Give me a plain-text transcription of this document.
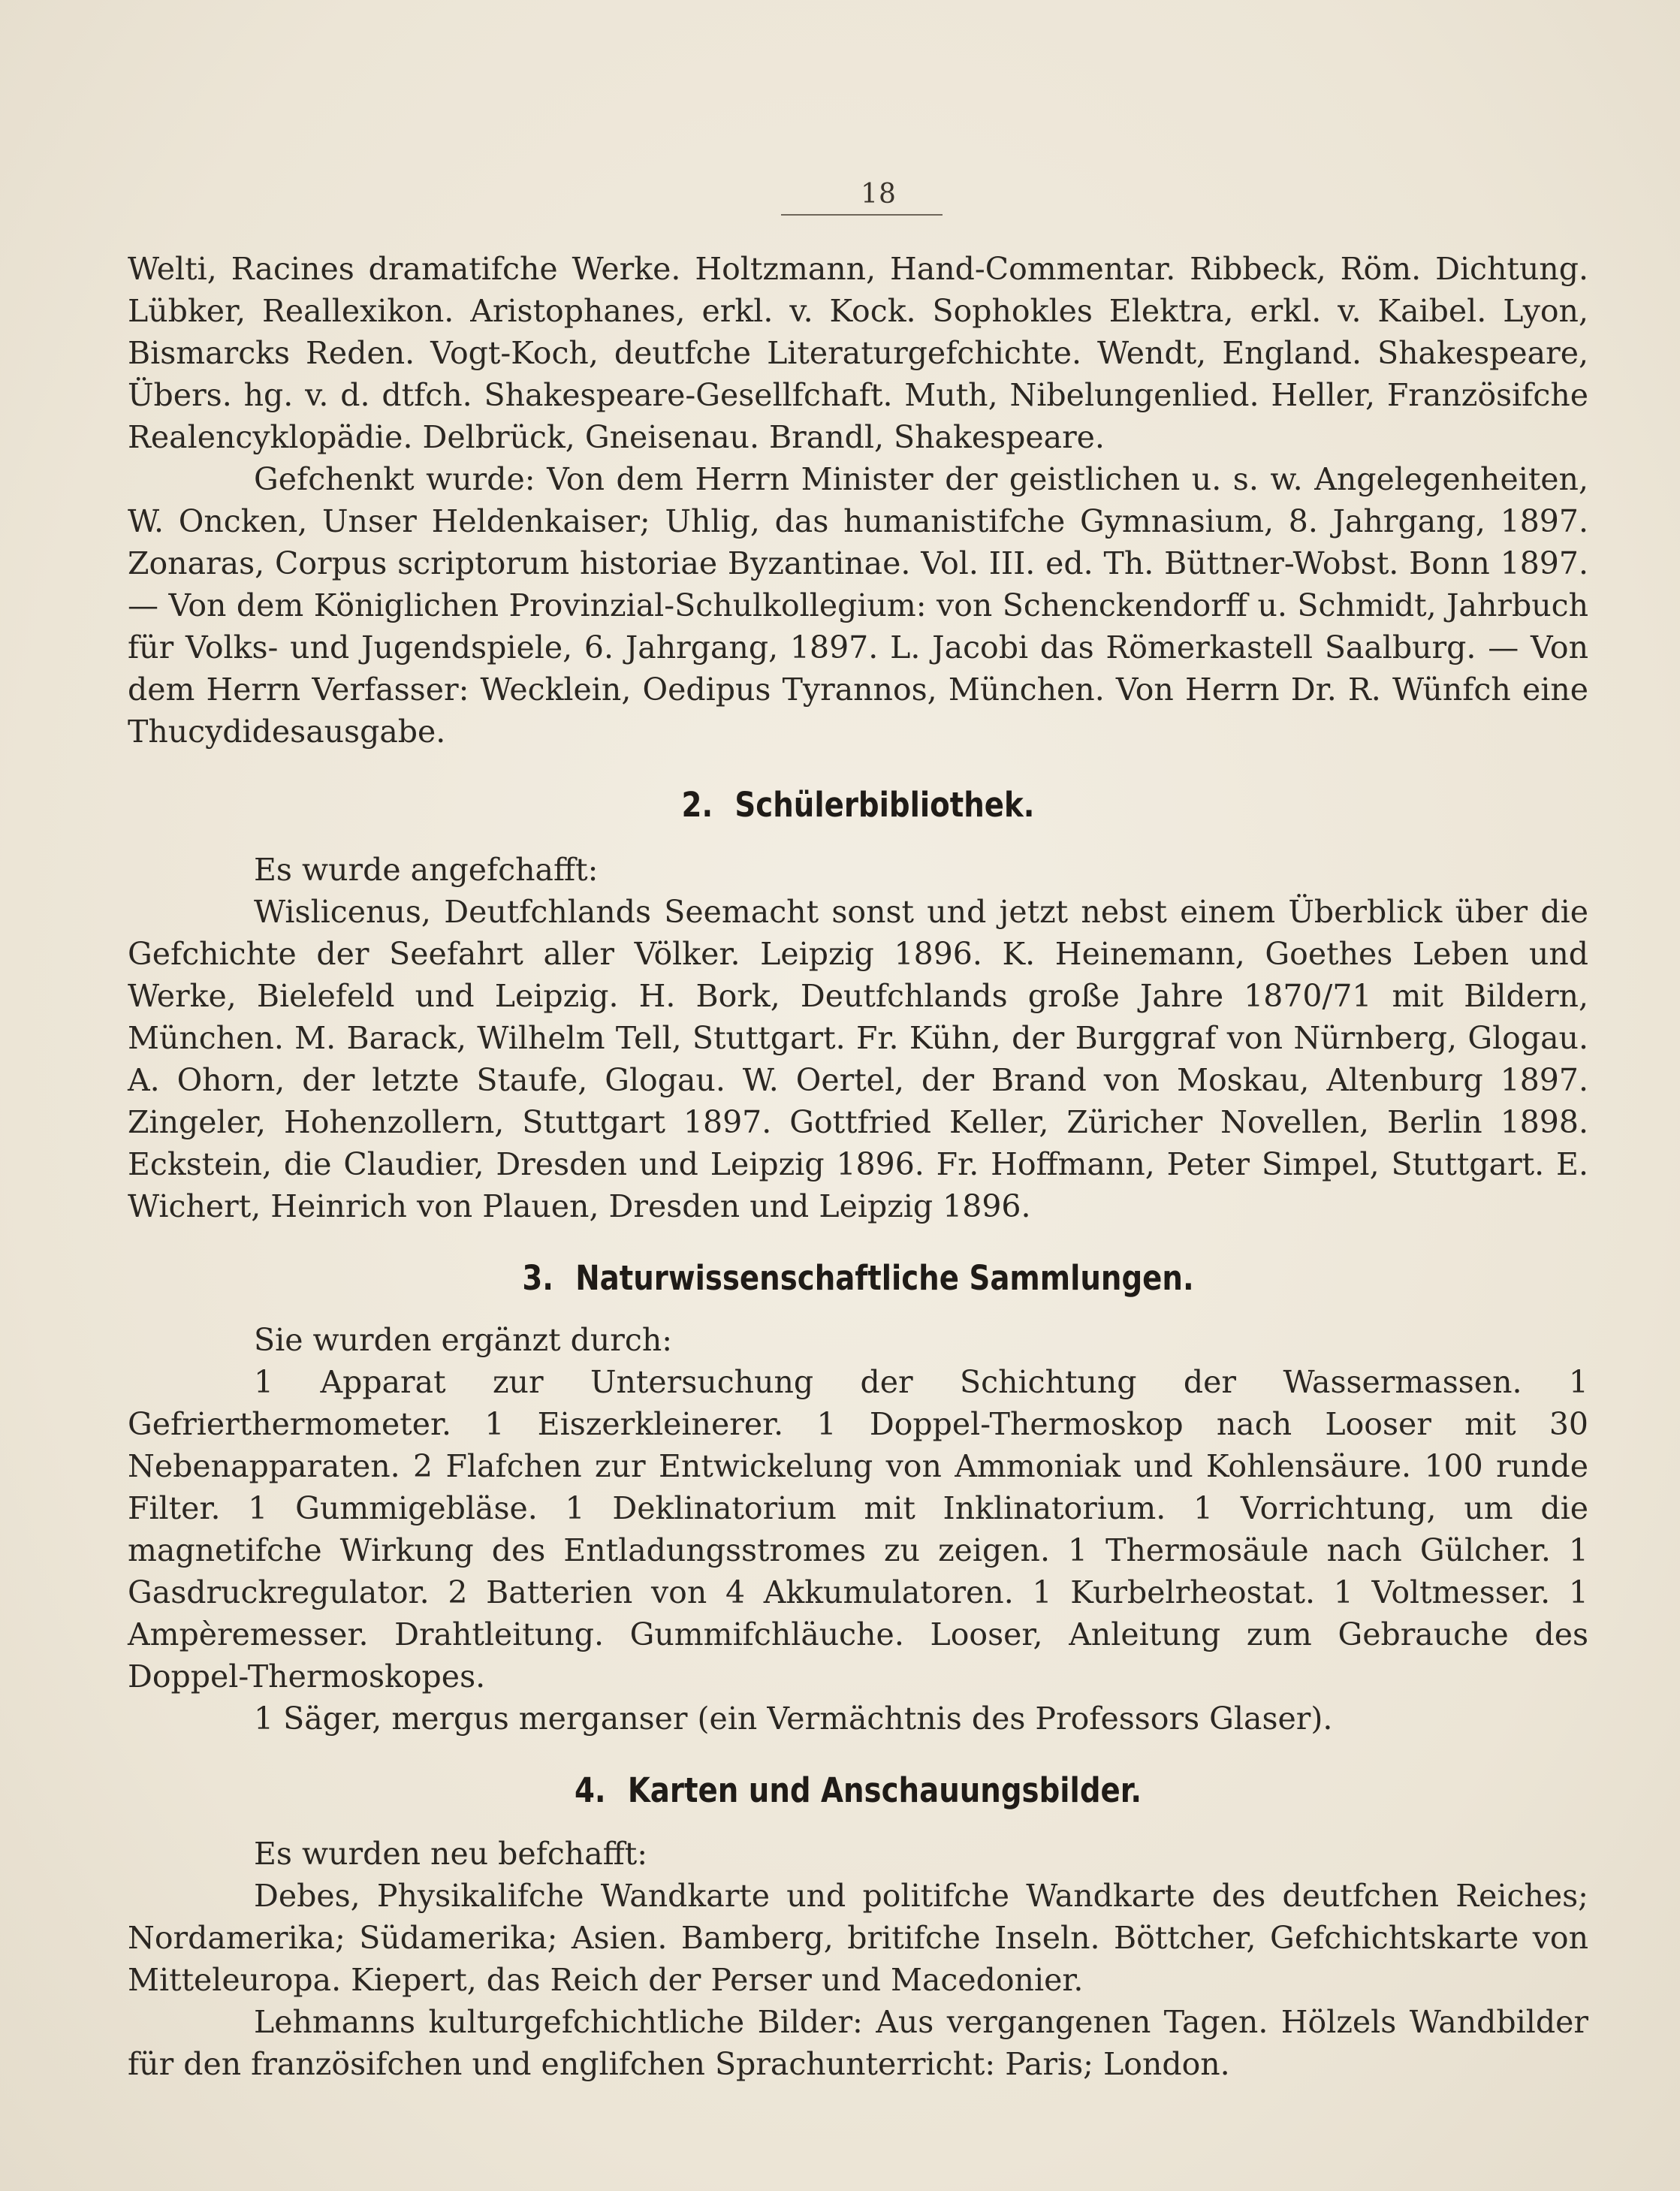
18

Welti, Racines dramatifche Werke. Holtzmann, Hand-Commentar. Ribbeck, Röm. Dichtung. Lübker, Reallexikon. Aristophanes, erkl. v. Kock. Sophokles Elektra, erkl. v. Kaibel. Lyon, Bismarcks Reden. Vogt-Koch, deutfche Literaturgefchichte. Wendt, England. Shakespeare, Übers. hg. v. d. dtfch. Shakespeare-Gesellfchaft. Muth, Nibelungenlied. Heller, Französifche Realencyklopädie. Delbrück, Gneisenau. Brandl, Shakespeare.

Gefchenkt wurde: Von dem Herrn Minister der geistlichen u. s. w. Angelegenheiten, W. Oncken, Unser Heldenkaiser; Uhlig, das humanistifche Gymnasium, 8. Jahrgang, 1897. Zonaras, Corpus scriptorum historiae Byzantinae. Vol. III. ed. Th. Büttner-Wobst. Bonn 1897. — Von dem Königlichen Provinzial-Schulkollegium: von Schenckendorff u. Schmidt, Jahrbuch für Volks- und Jugendspiele, 6. Jahrgang, 1897. L. Jacobi das Römerkastell Saalburg. — Von dem Herrn Verfasser: Wecklein, Oedipus Tyrannos, München. Von Herrn Dr. R. Wünfch eine Thucydidesausgabe.

2. Schülerbibliothek.

Es wurde angefchafft:

Wislicenus, Deutfchlands Seemacht sonst und jetzt nebst einem Überblick über die Gefchichte der Seefahrt aller Völker. Leipzig 1896. K. Heinemann, Goethes Leben und Werke, Bielefeld und Leipzig. H. Bork, Deutfchlands große Jahre 1870/71 mit Bildern, München. M. Barack, Wilhelm Tell, Stuttgart. Fr. Kühn, der Burggraf von Nürnberg, Glogau. A. Ohorn, der letzte Staufe, Glogau. W. Oertel, der Brand von Moskau, Altenburg 1897. Zingeler, Hohenzollern, Stuttgart 1897. Gottfried Keller, Züricher Novellen, Berlin 1898. Eckstein, die Claudier, Dresden und Leipzig 1896. Fr. Hoffmann, Peter Simpel, Stuttgart. E. Wichert, Heinrich von Plauen, Dresden und Leipzig 1896.

3. Naturwissenschaftliche Sammlungen.

Sie wurden ergänzt durch:

1 Apparat zur Untersuchung der Schichtung der Wassermassen. 1 Gefrierthermometer. 1 Eiszerkleinerer. 1 Doppel-Thermoskop nach Looser mit 30 Nebenapparaten. 2 Flafchen zur Entwickelung von Ammoniak und Kohlensäure. 100 runde Filter. 1 Gummigebläse. 1 Deklinatorium mit Inklinatorium. 1 Vorrichtung, um die magnetifche Wirkung des Entladungsstromes zu zeigen. 1 Thermosäule nach Gülcher. 1 Gasdruckregulator. 2 Batterien von 4 Akkumulatoren. 1 Kurbelrheostat. 1 Voltmesser. 1 Ampèremesser. Drahtleitung. Gummifchläuche. Looser, Anleitung zum Gebrauche des Doppel-Thermoskopes.

1 Säger, mergus merganser (ein Vermächtnis des Professors Glaser).

4. Karten und Anschauungsbilder.

Es wurden neu befchafft:

Debes, Physikalifche Wandkarte und politifche Wandkarte des deutfchen Reiches; Nordamerika; Südamerika; Asien. Bamberg, britifche Inseln. Böttcher, Gefchichtskarte von Mitteleuropa. Kiepert, das Reich der Perser und Macedonier.

Lehmanns kulturgefchichtliche Bilder: Aus vergangenen Tagen. Hölzels Wandbilder für den französifchen und englifchen Sprachunterricht: Paris; London.
